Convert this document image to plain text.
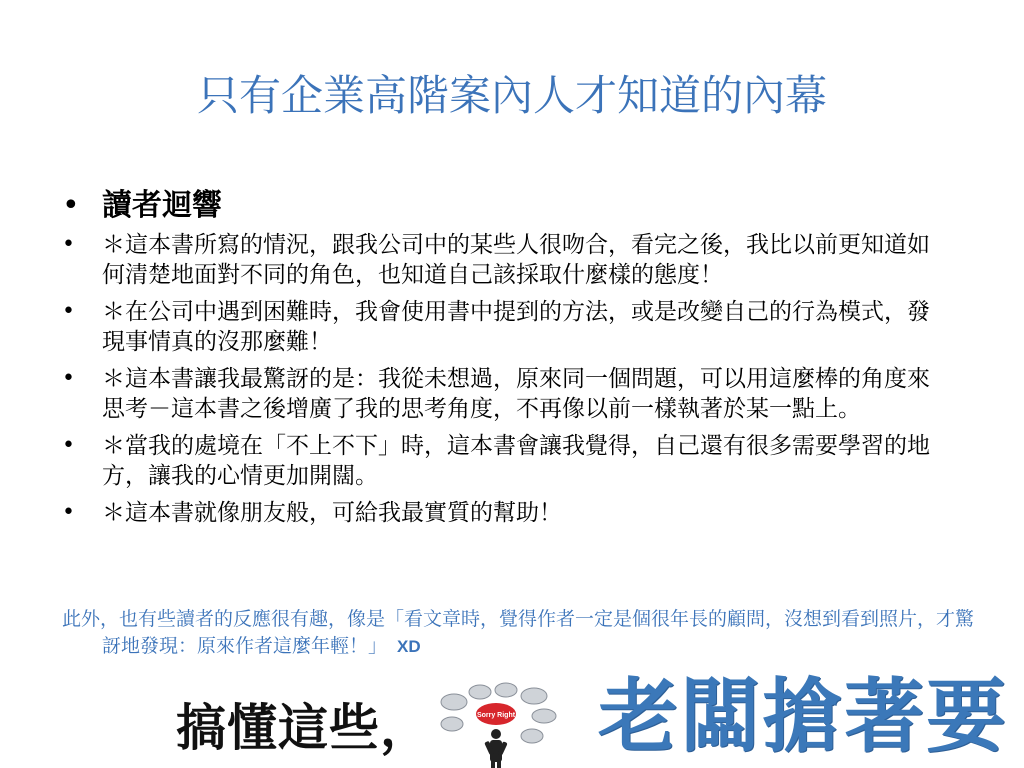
只有企業高階案內人才知道的內幕
• 讀者迴響
•	＊這本書所寫的情況，跟我公司中的某些人很吻合，看完之後，我比以前更知道如何清楚地面對不同的角色，也知道自己該採取什麼樣的態度！
•	＊在公司中遇到困難時，我會使用書中提到的方法，或是改變自己的行為模式，發現事情真的沒那麼難！
•	＊這本書讓我最驚訝的是：我從未想過，原來同一個問題，可以用這麼棒的角度來思考－這本書之後增廣了我的思考角度，不再像以前一樣執著於某一點上。
•	＊當我的處境在「不上不下」時，這本書會讓我覺得，自己還有很多需要學習的地方，讓我的心情更加開闊。
•	＊這本書就像朋友般，可給我最實質的幫助！
此外，也有些讀者的反應很有趣，像是「看文章時，覺得作者一定是個很年長的顧問，沒想到看到照片，才驚訝地發現：原來作者這麼年輕！」 XD
搞懂這些，	Sorry Right 老闆搶著要
